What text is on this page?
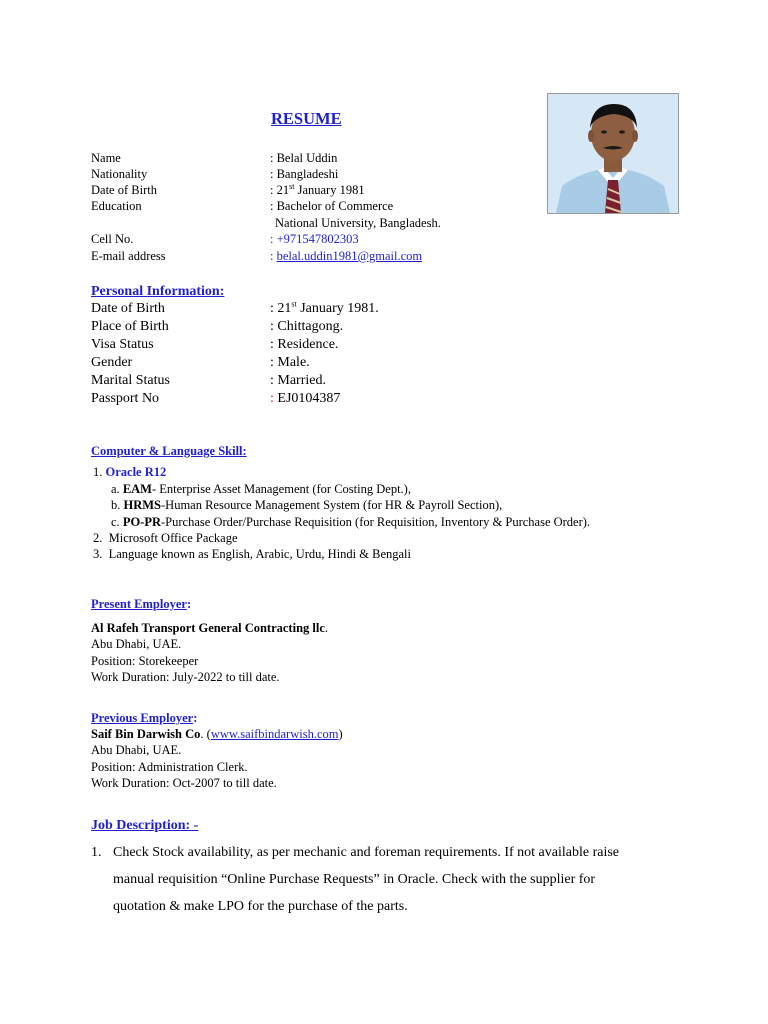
RESUME
Name	: Belal Uddin
Nationality	: Bangladeshi
Date of Birth	: 21st January 1981
Education	: Bachelor of Commerce
National University, Bangladesh.
Cell No.	: +971547802303
E-mail address	: belal.uddin1981@gmail.com
Personal Information:
Date of Birth	: 21st January 1981.
Place of Birth	: Chittagong.
Visa Status	: Residence.
Gender	: Male.
Marital Status	: Married.
Passport No	: EJ0104387
Computer & Language Skill:
1. Oracle R12
a. EAM- Enterprise Asset Management (for Costing Dept.),
b. HRMS-Human Resource Management System (for HR & Payroll Section),
c. PO-PR-Purchase Order/Purchase Requisition (for Requisition, Inventory & Purchase Order).
2. Microsoft Office Package
3. Language known as English, Arabic, Urdu, Hindi & Bengali
Present Employer:
Al Rafeh Transport General Contracting llc.
Abu Dhabi, UAE.
Position: Storekeeper
Work Duration: July-2022 to till date.
Previous Employer:
Saif Bin Darwish Co. (www.saifbindarwish.com)
Abu Dhabi, UAE.
Position: Administration Clerk.
Work Duration: Oct-2007 to till date.
Job Description: -
1. Check Stock availability, as per mechanic and foreman requirements. If not available raise
manual requisition “Online Purchase Requests” in Oracle. Check with the supplier for
quotation & make LPO for the purchase of the parts.
